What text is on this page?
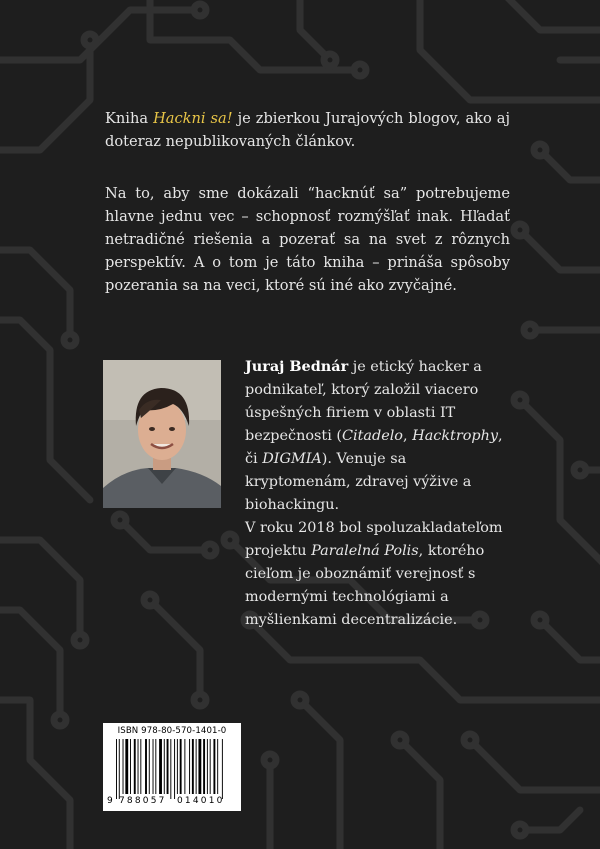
Kniha Hackni sa! je zbierkou Jurajových blogov, ako aj doteraz nepublikovaných článkov.

Na to, aby sme dokázali “hacknúť sa” potrebujeme hlavne jednu vec – schopnosť rozmýšľať inak. Hľadať netradičné riešenia a pozerať sa na svet z rôznych perspektív. A o tom je táto kniha – prináša spôsoby pozerania sa na veci, ktoré sú iné ako zvyčajné.

Juraj Bednár je etický hacker a podnikateľ, ktorý založil viacero úspešných firiem v oblasti IT bezpečnosti (Citadelo, Hacktrophy, či DIGMIA). Venuje sa kryptomenám, zdravej výžive a biohackingu.

V roku 2018 bol spoluzakladateľom projektu Paralelná Polis, ktorého cieľom je oboznámiť verejnosť s modernými technológiami a myšlienkami decentralizácie.

ISBN 978-80-570-1401-0
9 788057 014010
